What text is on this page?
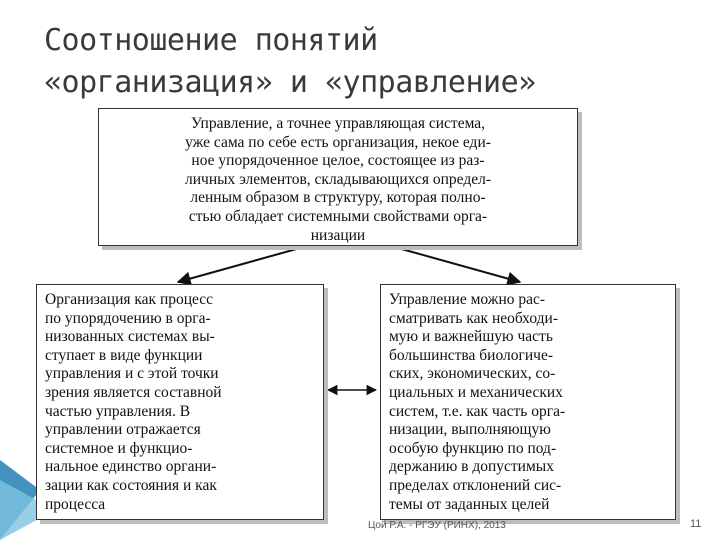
Соотношение понятий
«организация» и «управление»
Управление, а точнее управляющая система,
уже сама по себе есть организация, некое еди-
ное упорядоченное целое, состоящее из раз-
личных элементов, складывающихся определ-
ленным образом в структуру, которая полно-
стью обладает системными свойствами орга-
низации
Организация как процесс
по упорядочению в орга-
низованных системах вы-
ступает в виде функции
управления и с этой точки
зрения является составной
частью управления. В
управлении отражается
системное и функцио-
нальное единство органи-
зации как состояния и как
процесса
Управление можно рас-
сматривать как необходи-
мую и важнейшую часть
большинства биологиче-
ских, экономических, со-
циальных и механических
систем, т.е. как часть орга-
низации, выполняющую
особую функцию по под-
держанию в допустимых
пределах отклонений сис-
темы от заданных целей
Цой Р.А. - РГЭУ (РИНХ), 2013	11
